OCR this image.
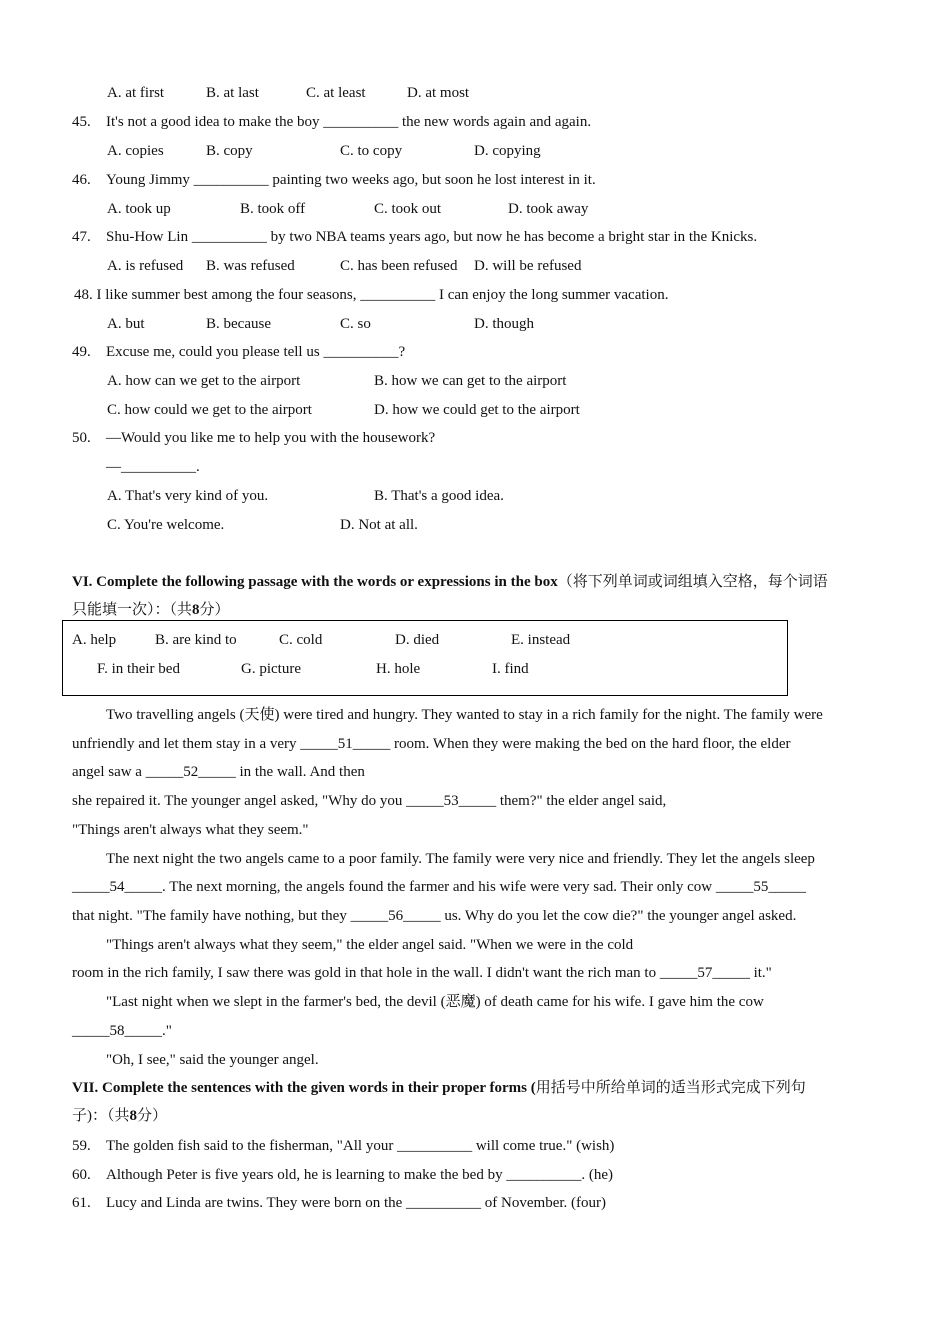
A. at first	B. at last	C. at least	D. at most
45. It's not a good idea to make the boy __________ the new words again and again.
A. copies	B. copy	C. to copy	D. copying
46. Young Jimmy __________ painting two weeks ago, but soon he lost interest in it.
A. took up	B. took off	C. took out	D. took away
47. Shu-How Lin __________ by two NBA teams years ago, but now he has become a bright star in the Knicks.
A. is refused B. was refused	C. has been refused D. will be refused
48. I like summer best among the four seasons, __________ I can enjoy the long summer vacation.
A. but	B. because	C. so	D. though
49. Excuse me, could you please tell us __________?
A. how can we get to the airport	B. how we can get to the airport
C. how could we get to the airport	D. how we could get to the airport
50. —Would you like me to help you with the housework?
—__________.
A. That's very kind of you.	B. That's a good idea.
C. You're welcome.	D. Not at all.
VI. Complete the following passage with the words or expressions in the box（将下列单词或词组填入空格，每个词语
只能填一次）：（共8分）
A. help	B. are kind to	C. cold	D. died	E. instead
F. in their bed	G. picture	H. hole	I. find
Two travelling angels (天使) were tired and hungry. They wanted to stay in a rich family for the night. The family were
unfriendly and let them stay in a very _____51_____ room. When they were making the bed on the hard floor, the elder
angel saw a _____52_____ in the wall. And then
she repaired it. The younger angel asked, "Why do you _____53_____ them?" the elder angel said,
"Things aren't always what they seem."
The next night the two angels came to a poor family. The family were very nice and friendly. They let the angels sleep
_____54_____. The next morning, the angels found the farmer and his wife were very sad. Their only cow _____55_____
that night. "The family have nothing, but they _____56_____ us. Why do you let the cow die?" the younger angel asked.
"Things aren't always what they seem," the elder angel said. "When we were in the cold
room in the rich family, I saw there was gold in that hole in the wall. I didn't want the rich man to _____57_____ it."
"Last night when we slept in the farmer's bed, the devil (恶魔) of death came for his wife. I gave him the cow
_____58_____."
"Oh, I see," said the younger angel.
VII. Complete the sentences with the given words in their proper forms (用括号中所给单词的适当形式完成下列句
子)：（共8分）
59. The golden fish said to the fisherman, "All your __________ will come true." (wish)
60. Although Peter is five years old, he is learning to make the bed by __________. (he)
61. Lucy and Linda are twins. They were born on the __________ of November. (four)
